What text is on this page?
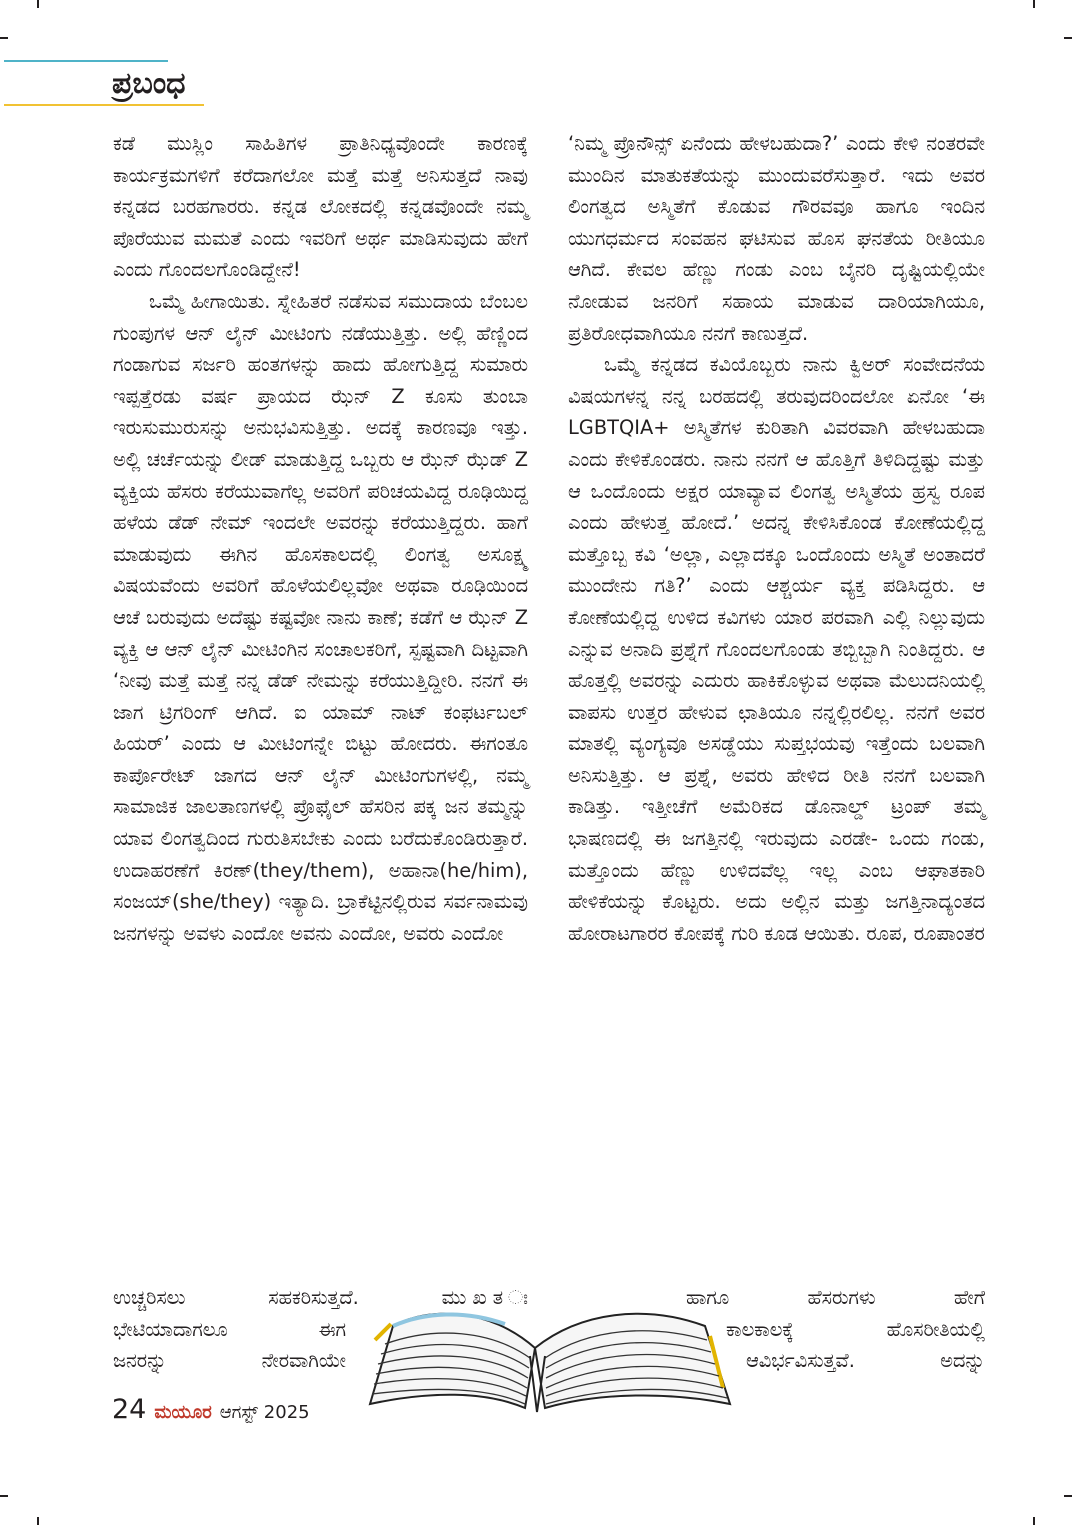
ಪ್ರಬಂಧ

ಕಡೆ ಮುಸ್ಲಿಂ ಸಾಹಿತಿಗಳ ಪ್ರಾತಿನಿಧ್ಯವೊಂದೇ ಕಾರಣಕ್ಕೆ ಕಾರ್ಯಕ್ರಮಗಳಿಗೆ ಕರೆದಾಗಲೋ ಮತ್ತೆ ಮತ್ತೆ ಅನಿಸುತ್ತದೆ ನಾವು ಕನ್ನಡದ ಬರಹಗಾರರು. ಕನ್ನಡ ಲೋಕದಲ್ಲಿ ಕನ್ನಡವೊಂದೇ ನಮ್ಮ ಪೊರೆಯುವ ಮಮತೆ ಎಂದು ಇವರಿಗೆ ಅರ್ಥ ಮಾಡಿಸುವುದು ಹೇಗೆ ಎಂದು ಗೊಂದಲಗೊಂಡಿದ್ದೇನೆ!

ಒಮ್ಮೆ ಹೀಗಾಯಿತು. ಸ್ನೇಹಿತರೆ ನಡೆಸುವ ಸಮುದಾಯ ಬೆಂಬಲ ಗುಂಪುಗಳ ಆನ್ ಲೈನ್ ಮೀಟಿಂಗು ನಡೆಯುತ್ತಿತ್ತು. ಅಲ್ಲಿ ಹೆಣ್ಣಿಂದ ಗಂಡಾಗುವ ಸರ್ಜರಿ ಹಂತಗಳನ್ನು ಹಾದು ಹೋಗುತ್ತಿದ್ದ ಸುಮಾರು ಇಪ್ಪತ್ತೆರಡು ವರ್ಷ ಪ್ರಾಯದ ಝೆನ್ Z ಕೂಸು ತುಂಬಾ ಇರುಸುಮುರುಸನ್ನು ಅನುಭವಿಸುತ್ತಿತ್ತು. ಅದಕ್ಕೆ ಕಾರಣವೂ ಇತ್ತು. ಅಲ್ಲಿ ಚರ್ಚೆಯನ್ನು ಲೀಡ್ ಮಾಡುತ್ತಿದ್ದ ಒಬ್ಬರು ಆ ಝೆನ್ ಝೆಡ್ Z ವ್ಯಕ್ತಿಯ ಹೆಸರು ಕರೆಯುವಾಗೆಲ್ಲ ಅವರಿಗೆ ಪರಿಚಯವಿದ್ದ ರೂಢಿಯಿದ್ದ ಹಳೆಯ ಡೆಡ್ ನೇಮ್ ಇಂದಲೇ ಅವರನ್ನು ಕರೆಯುತ್ತಿದ್ದರು. ಹಾಗೆ ಮಾಡುವುದು ಈಗಿನ ಹೊಸಕಾಲದಲ್ಲಿ ಲಿಂಗತ್ವ ಅಸೂಕ್ಷ್ಮ ವಿಷಯವೆಂದು ಅವರಿಗೆ ಹೊಳೆಯಲಿಲ್ಲವೋ ಅಥವಾ ರೂಢಿಯಿಂದ ಆಚೆ ಬರುವುದು ಅದೆಷ್ಟು ಕಷ್ಟವೋ ನಾನು ಕಾಣೆ; ಕಡೆಗೆ ಆ ಝೆನ್ Z ವ್ಯಕ್ತಿ ಆ ಆನ್ ಲೈನ್ ಮೀಟಿಂಗಿನ ಸಂಚಾಲಕರಿಗೆ, ಸ್ಪಷ್ಟವಾಗಿ ದಿಟ್ಟವಾಗಿ ‘ನೀವು ಮತ್ತೆ ಮತ್ತೆ ನನ್ನ ಡೆಡ್ ನೇಮನ್ನು ಕರೆಯುತ್ತಿದ್ದೀರಿ. ನನಗೆ ಈ ಜಾಗ ಟ್ರಿಗರಿಂಗ್ ಆಗಿದೆ. ಐ ಯಾಮ್ ನಾಟ್ ಕಂಫರ್ಟಬಲ್ ಹಿಯರ್’ ಎಂದು ಆ ಮೀಟಿಂಗನ್ನೇ ಬಿಟ್ಟು ಹೋದರು. ಈಗಂತೂ ಕಾರ್ಪೊರೇಟ್ ಜಾಗದ ಆನ್ ಲೈನ್ ಮೀಟಿಂಗುಗಳಲ್ಲಿ, ನಮ್ಮ ಸಾಮಾಜಿಕ ಜಾಲತಾಣಗಳಲ್ಲಿ ಪ್ರೊಫೈಲ್ ಹೆಸರಿನ ಪಕ್ಕ ಜನ ತಮ್ಮನ್ನು ಯಾವ ಲಿಂಗತ್ವದಿಂದ ಗುರುತಿಸಬೇಕು ಎಂದು ಬರೆದುಕೊಂಡಿರುತ್ತಾರೆ. ಉದಾಹರಣೆಗೆ ಕಿರಣ್(they/them), ಅಹಾನಾ(he/him), ಸಂಜಯ್(she/they) ಇತ್ಯಾದಿ. ಬ್ರಾಕೆಟ್ಟಿನಲ್ಲಿರುವ ಸರ್ವನಾಮವು ಜನಗಳನ್ನು ಅವಳು ಎಂದೋ ಅವನು ಎಂದೋ, ಅವರು ಎಂದೋ

ಉಚ್ಚರಿಸಲು	ಸಹಕರಿಸುತ್ತದೆ.	ಮು ಖ ತ ಃ
ಭೇಟಿಯಾದಾಗಲೂ	ಈಗ
ಜನರನ್ನು	ನೇರವಾಗಿಯೇ

‘ನಿಮ್ಮ ಪ್ರೊನೌನ್ಸ್ ಏನೆಂದು ಹೇಳಬಹುದಾ?’ ಎಂದು ಕೇಳಿ ನಂತರವೇ ಮುಂದಿನ ಮಾತುಕತೆಯನ್ನು ಮುಂದುವರೆಸುತ್ತಾರೆ. ಇದು ಅವರ ಲಿಂಗತ್ವದ ಅಸ್ಮಿತೆಗೆ ಕೊಡುವ ಗೌರವವೂ ಹಾಗೂ ಇಂದಿನ ಯುಗಧರ್ಮದ ಸಂವಹನ ಘಟಿಸುವ ಹೊಸ ಘನತೆಯ ರೀತಿಯೂ ಆಗಿದೆ. ಕೇವಲ ಹೆಣ್ಣು ಗಂಡು ಎಂಬ ಬೈನರಿ ದೃಷ್ಟಿಯಲ್ಲಿಯೇ ನೋಡುವ ಜನರಿಗೆ ಸಹಾಯ ಮಾಡುವ ದಾರಿಯಾಗಿಯೂ, ಪ್ರತಿರೋಧವಾಗಿಯೂ ನನಗೆ ಕಾಣುತ್ತದೆ.

ಒಮ್ಮೆ ಕನ್ನಡದ ಕವಿಯೊಬ್ಬರು ನಾನು ಕ್ವಿಅರ್ ಸಂವೇದನೆಯ ವಿಷಯಗಳನ್ನ ನನ್ನ ಬರಹದಲ್ಲಿ ತರುವುದರಿಂದಲೋ ಏನೋ ‘ಈ LGBTQIA+ ಅಸ್ಮಿತೆಗಳ ಕುರಿತಾಗಿ ವಿವರವಾಗಿ ಹೇಳಬಹುದಾ ಎಂದು ಕೇಳಿಕೊಂಡರು. ನಾನು ನನಗೆ ಆ ಹೊತ್ತಿಗೆ ತಿಳಿದಿದ್ದಷ್ಟು ಮತ್ತು ಆ ಒಂದೊಂದು ಅಕ್ಷರ ಯಾವ್ಯಾವ ಲಿಂಗತ್ವ ಅಸ್ಮಿತೆಯ ಹ್ರಸ್ವ ರೂಪ ಎಂದು ಹೇಳುತ್ತ ಹೋದೆ.’ ಅದನ್ನ ಕೇಳಿಸಿಕೊಂಡ ಕೋಣೆಯಲ್ಲಿದ್ದ ಮತ್ತೊಬ್ಬ ಕವಿ ‘ಅಲ್ಲಾ, ಎಲ್ಲಾದಕ್ಕೂ ಒಂದೊಂದು ಅಸ್ಮಿತೆ ಅಂತಾದರೆ ಮುಂದೇನು ಗತಿ?’ ಎಂದು ಆಶ್ಚರ್ಯ ವ್ಯಕ್ತ ಪಡಿಸಿದ್ದರು. ಆ ಕೋಣೆಯಲ್ಲಿದ್ದ ಉಳಿದ ಕವಿಗಳು ಯಾರ ಪರವಾಗಿ ಎಲ್ಲಿ ನಿಲ್ಲುವುದು ಎನ್ನುವ ಅನಾದಿ ಪ್ರಶ್ನೆಗೆ ಗೊಂದಲಗೊಂಡು ತಬ್ಬಿಬ್ಬಾಗಿ ನಿಂತಿದ್ದರು. ಆ ಹೊತ್ತಲ್ಲಿ ಅವರನ್ನು ಎದುರು ಹಾಕಿಕೊಳ್ಳುವ ಅಥವಾ ಮೆಲುದನಿಯಲ್ಲಿ ವಾಪಸು ಉತ್ತರ ಹೇಳುವ ಛಾತಿಯೂ ನನ್ನಲ್ಲಿರಲಿಲ್ಲ. ನನಗೆ ಅವರ ಮಾತಲ್ಲಿ ವ್ಯಂಗ್ಯವೂ ಅಸಡ್ಡೆಯು ಸುಪ್ತಭಯವು ಇತ್ತೆಂದು ಬಲವಾಗಿ ಅನಿಸುತ್ತಿತ್ತು. ಆ ಪ್ರಶ್ನೆ, ಅವರು ಹೇಳಿದ ರೀತಿ ನನಗೆ ಬಲವಾಗಿ ಕಾಡಿತ್ತು. ಇತ್ತೀಚೆಗೆ ಅಮೆರಿಕದ ಡೊನಾಲ್ಡ್ ಟ್ರಂಪ್ ತಮ್ಮ ಭಾಷಣದಲ್ಲಿ ಈ ಜಗತ್ತಿನಲ್ಲಿ ಇರುವುದು ಎರಡೇ- ಒಂದು ಗಂಡು, ಮತ್ತೊಂದು ಹೆಣ್ಣು ಉಳಿದವೆಲ್ಲ ಇಲ್ಲ ಎಂಬ ಆಘಾತಕಾರಿ ಹೇಳಿಕೆಯನ್ನು ಕೊಟ್ಟರು. ಅದು ಅಲ್ಲಿನ ಮತ್ತು ಜಗತ್ತಿನಾದ್ಯಂತದ ಹೋರಾಟಗಾರರ ಕೋಪಕ್ಕೆ ಗುರಿ ಕೂಡ ಆಯಿತು. ರೂಪ, ರೂಪಾಂತರ

ಹಾಗೂ	ಹೆಸರುಗಳು	ಹೇಗೆ
ಕಾಲಕಾಲಕ್ಕೆ	ಹೊಸರೀತಿಯಲ್ಲಿ
ಆವಿರ್ಭವಿಸುತ್ತವೆ.	ಅದನ್ನು
24 ಮಯೂರ ಆಗಸ್ಟ್ 2025
